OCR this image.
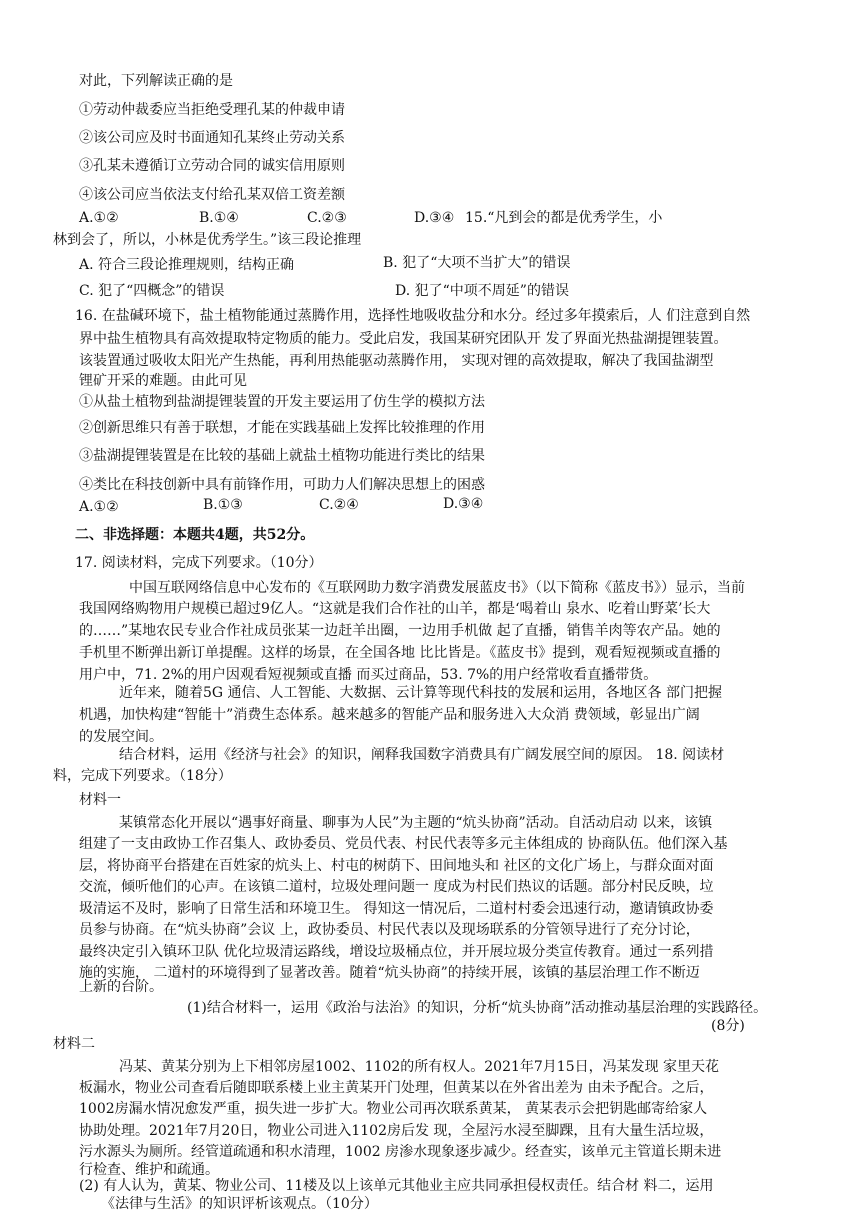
对此，下列解读正确的是
①劳动仲裁委应当拒绝受理孔某的仲裁申请
②该公司应及时书面通知孔某终止劳动关系
③孔某未遵循订立劳动合同的诚实信用原则
④该公司应当依法支付给孔某双倍工资差额
A.①②	B.①④	C.②③	D.③④ 15.“凡到会的都是优秀学生，小
林到会了，所以，小林是优秀学生。”该三段论推理
A. 符合三段论推理规则，结构正确	B. 犯了“大项不当扩大”的错误
C. 犯了“四概念”的错误	D. 犯了“中项不周延”的错误
16. 在盐碱环境下，盐土植物能通过蒸腾作用，选择性地吸收盐分和水分。经过多年摸索后，人 们注意到自然
界中盐生植物具有高效提取特定物质的能力。受此启发，我国某研究团队开 发了界面光热盐湖提锂装置。
该装置通过吸收太阳光产生热能，再利用热能驱动蒸腾作用， 实现对锂的高效提取，解决了我国盐湖型
锂矿开采的难题。由此可见
①从盐土植物到盐湖提锂装置的开发主要运用了仿生学的模拟方法
②创新思维只有善于联想，才能在实践基础上发挥比较推理的作用
③盐湖提锂装置是在比较的基础上就盐土植物功能进行类比的结果
④类比在科技创新中具有前锋作用，可助力人们解决思想上的困惑
A.①②	B.①③	C.②④	D.③④
二、非选择题：本题共4题，共52分。
17. 阅读材料，完成下列要求。（10分）
中国互联网络信息中心发布的《互联网助力数字消费发展蓝皮书》（以下简称《蓝皮书》）显示，当前
我国网络购物用户规模已超过9亿人。“这就是我们合作社的山羊，都是‘喝着山 泉水、吃着山野菜’长大
的……”某地农民专业合作社成员张某一边赶羊出圈，一边用手机做 起了直播，销售羊肉等农产品。她的
手机里不断弹出新订单提醒。这样的场景，在全国各地 比比皆是。《蓝皮书》提到，观看短视频或直播的
用户中，71. 2%的用户因观看短视频或直播 而买过商品，53. 7%的用户经常收看直播带货。
近年来，随着5G 通信、人工智能、大数据、云计算等现代科技的发展和运用，各地区各 部门把握
机遇，加快构建“智能十”消费生态体系。越来越多的智能产品和服务进入大众消 费领域，彰显出广阔
的发展空间。
结合材料，运用《经济与社会》的知识，阐释我国数字消费具有广阔发展空间的原因。 18. 阅读材
料，完成下列要求。（18分）
材料一
某镇常态化开展以“遇事好商量、聊事为人民”为主题的“炕头协商”活动。自活动启动 以来，该镇
组建了一支由政协工作召集人、政协委员、党员代表、村民代表等多元主体组成的 协商队伍。他们深入基
层，将协商平台搭建在百姓家的炕头上、村屯的树荫下、田间地头和 社区的文化广场上，与群众面对面
交流，倾听他们的心声。在该镇二道村，垃圾处理问题一 度成为村民们热议的话题。部分村民反映，垃
圾清运不及时，影响了日常生活和环境卫生。 得知这一情况后，二道村村委会迅速行动，邀请镇政协委
员参与协商。在“炕头协商”会议 上，政协委员、村民代表以及现场联系的分管领导进行了充分讨论，
最终决定引入镇环卫队 优化垃圾清运路线，增设垃圾桶点位，并开展垃圾分类宣传教育。通过一系列措
施的实施， 二道村的环境得到了显著改善。随着“炕头协商”的持续开展，该镇的基层治理工作不断迈
上新的台阶。
(1)结合材料一，运用《政治与法治》的知识，分析“炕头协商”活动推动基层治理的实践路径。
(8分)
材料二
冯某、黄某分别为上下相邻房屋1002、1102的所有权人。2021年7月15日，冯某发现 家里天花
板漏水，物业公司查看后随即联系楼上业主黄某开门处理，但黄某以在外省出差为 由未予配合。之后，
1002房漏水情况愈发严重，损失进一步扩大。物业公司再次联系黄某， 黄某表示会把钥匙邮寄给家人
协助处理。2021年7月20日，物业公司进入1102房后发 现，全屋污水浸至脚踝，且有大量生活垃圾，
污水源头为厕所。经管道疏通和积水清理，1002 房渗水现象逐步减少。经查实，该单元主管道长期未进
行检查、维护和疏通。
(2) 有人认为，黄某、物业公司、11楼及以上该单元其他业主应共同承担侵权责任。结合材 料二，运用
《法律与生活》的知识评析该观点。（10分）
